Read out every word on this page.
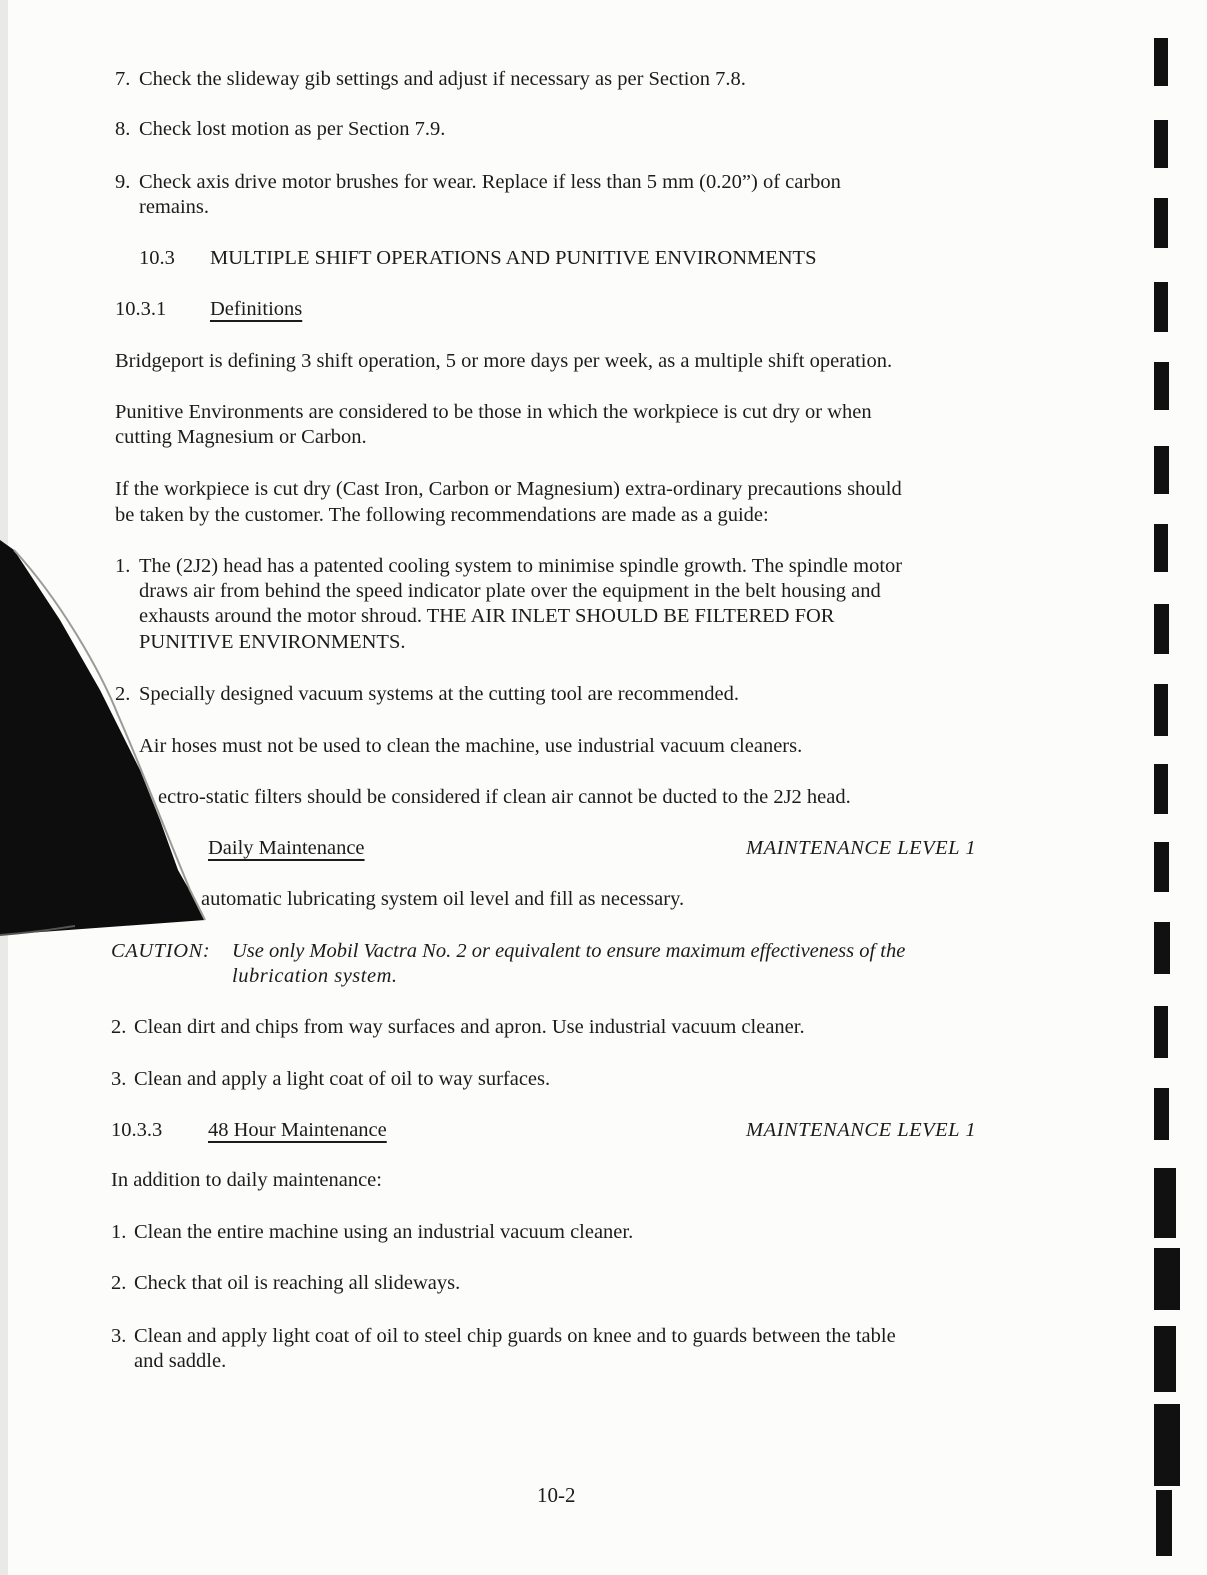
7. Check the slideway gib settings and adjust if necessary as per Section 7.8.
8. Check lost motion as per Section 7.9.
9. Check axis drive motor brushes for wear. Replace if less than 5 mm (0.20”) of carbon
remains.
10.3 MULTIPLE SHIFT OPERATIONS AND PUNITIVE ENVIRONMENTS
10.3.1 Definitions
Bridgeport is defining 3 shift operation, 5 or more days per week, as a multiple shift operation.
Punitive Environments are considered to be those in which the workpiece is cut dry or when
cutting Magnesium or Carbon.
If the workpiece is cut dry (Cast Iron, Carbon or Magnesium) extra-ordinary precautions should
be taken by the customer. The following recommendations are made as a guide:
1. The (2J2) head has a patented cooling system to minimise spindle growth. The spindle motor
draws air from behind the speed indicator plate over the equipment in the belt housing and
exhausts around the motor shroud. THE AIR INLET SHOULD BE FILTERED FOR
PUNITIVE ENVIRONMENTS.
2. Specially designed vacuum systems at the cutting tool are recommended.
Air hoses must not be used to clean the machine, use industrial vacuum cleaners.
ectro-static filters should be considered if clean air cannot be ducted to the 2J2 head.
Daily Maintenance	MAINTENANCE LEVEL 1
automatic lubricating system oil level and fill as necessary.
CAUTION: Use only Mobil Vactra No. 2 or equivalent to ensure maximum effectiveness of the
lubrication system.
2. Clean dirt and chips from way surfaces and apron. Use industrial vacuum cleaner.
3. Clean and apply a light coat of oil to way surfaces.
10.3.3 48 Hour Maintenance	MAINTENANCE LEVEL 1
In addition to daily maintenance:
1. Clean the entire machine using an industrial vacuum cleaner.
2. Check that oil is reaching all slideways.
3. Clean and apply light coat of oil to steel chip guards on knee and to guards between the table
and saddle.
10-2
